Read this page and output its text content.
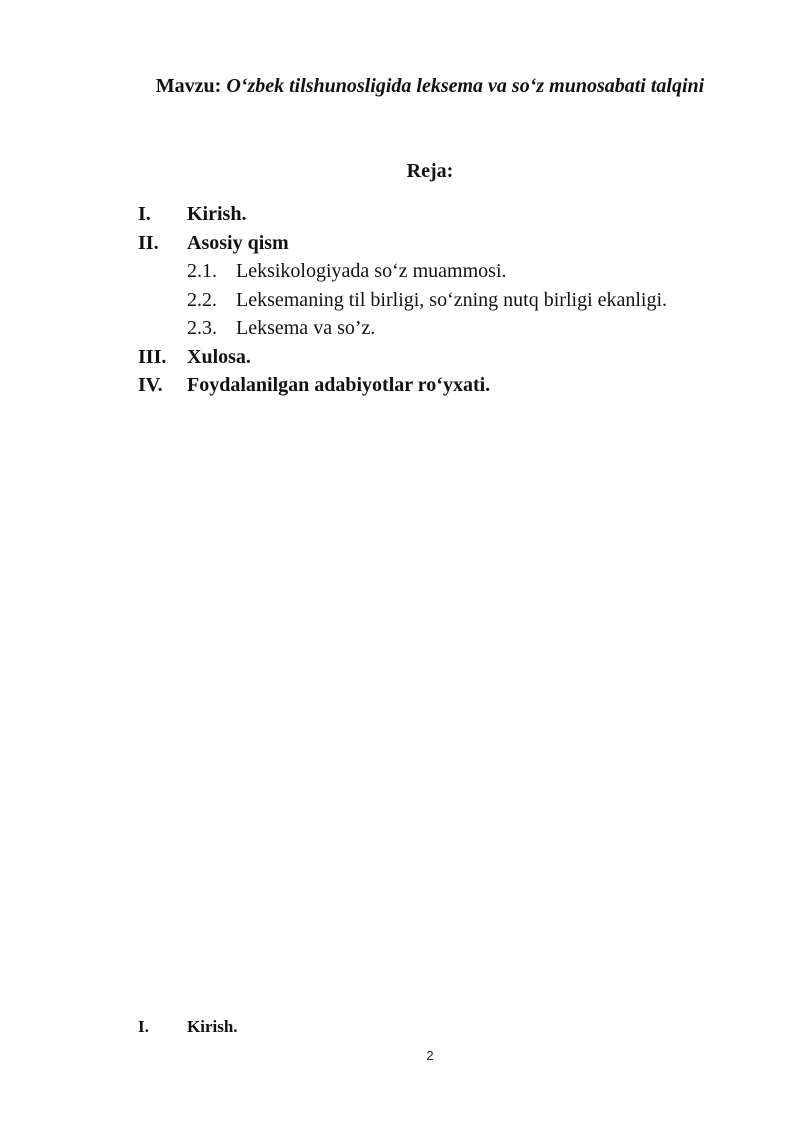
Mavzu: O‘zbek tilshunosligida leksema va so‘z munosabati talqini
Reja:
I.	Kirish.
II.	Asosiy qism
2.1. Leksikologiyada so‘z muammosi.
2.2. Leksemaning til birligi, so‘zning nutq birligi ekanligi.
2.3. Leksema va so’z.
III.	Xulosa.
IV.	Foydalanilgan adabiyotlar ro‘yxati.
I.	Kirish.
2
